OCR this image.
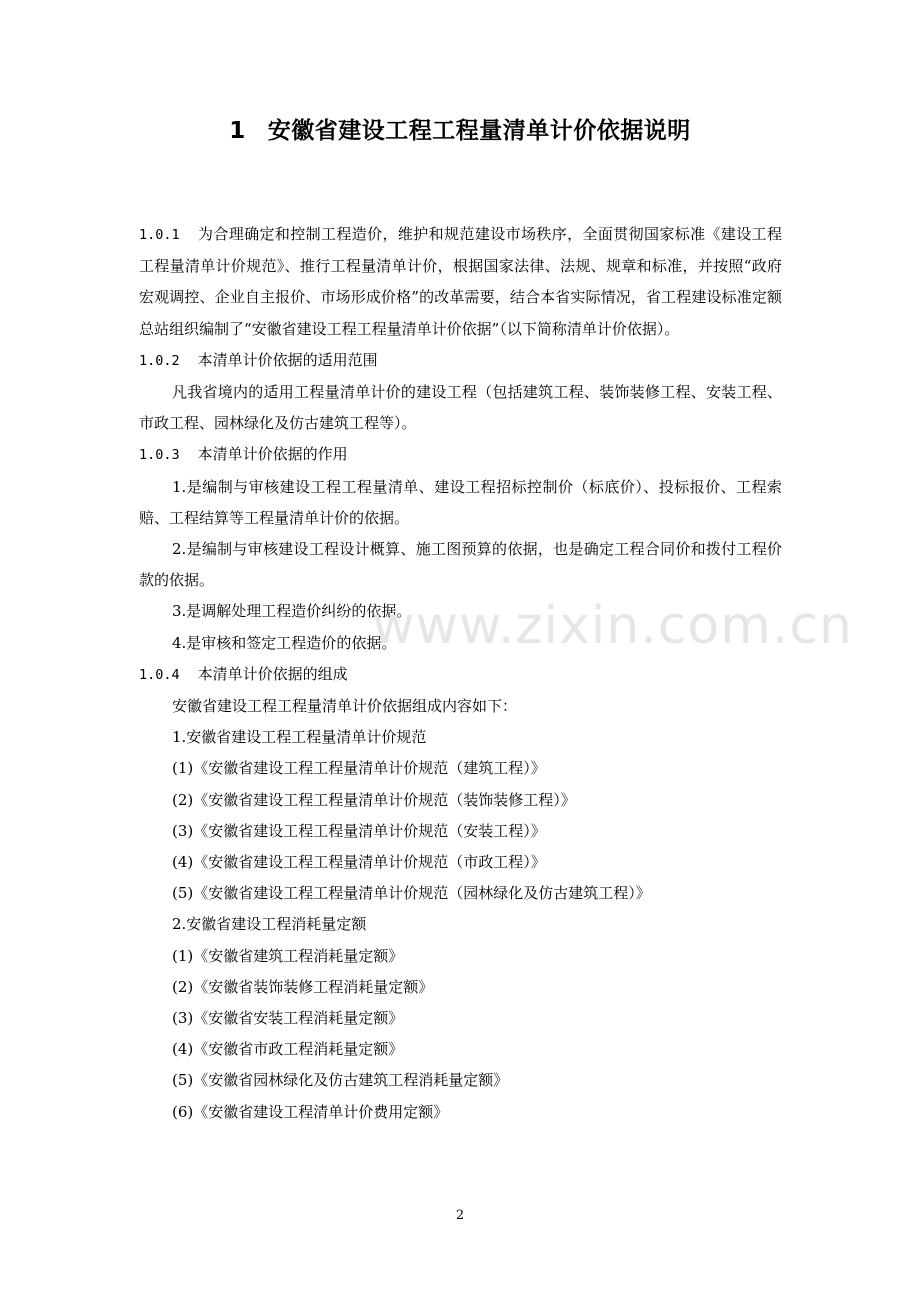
1 安徽省建设工程工程量清单计价依据说明

1.0.1 为合理确定和控制工程造价，维护和规范建设市场秩序，全面贯彻国家标准《建设工程工程量清单计价规范》、推行工程量清单计价，根据国家法律、法规、规章和标准，并按照“政府宏观调控、企业自主报价、市场形成价格”的改革需要，结合本省实际情况，省工程建设标准定额总站组织编制了“安徽省建设工程工程量清单计价依据”（以下简称清单计价依据）。

1.0.2 本清单计价依据的适用范围

凡我省境内的适用工程量清单计价的建设工程（包括建筑工程、装饰装修工程、安装工程、市政工程、园林绿化及仿古建筑工程等）。

1.0.3 本清单计价依据的作用

1.是编制与审核建设工程工程量清单、建设工程招标控制价（标底价）、投标报价、工程索赔、工程结算等工程量清单计价的依据。

2.是编制与审核建设工程设计概算、施工图预算的依据，也是确定工程合同价和拨付工程价款的依据。

3.是调解处理工程造价纠纷的依据。

4.是审核和签定工程造价的依据。

1.0.4 本清单计价依据的组成

安徽省建设工程工程量清单计价依据组成内容如下：

1.安徽省建设工程工程量清单计价规范

(1)《安徽省建设工程工程量清单计价规范（建筑工程）》

(2)《安徽省建设工程工程量清单计价规范（装饰装修工程）》

(3)《安徽省建设工程工程量清单计价规范（安装工程）》

(4)《安徽省建设工程工程量清单计价规范（市政工程）》

(5)《安徽省建设工程工程量清单计价规范（园林绿化及仿古建筑工程）》

2.安徽省建设工程消耗量定额

(1)《安徽省建筑工程消耗量定额》

(2)《安徽省装饰装修工程消耗量定额》

(3)《安徽省安装工程消耗量定额》

(4)《安徽省市政工程消耗量定额》

(5)《安徽省园林绿化及仿古建筑工程消耗量定额》

(6)《安徽省建设工程清单计价费用定额》

www.zixin.com.cn
2
